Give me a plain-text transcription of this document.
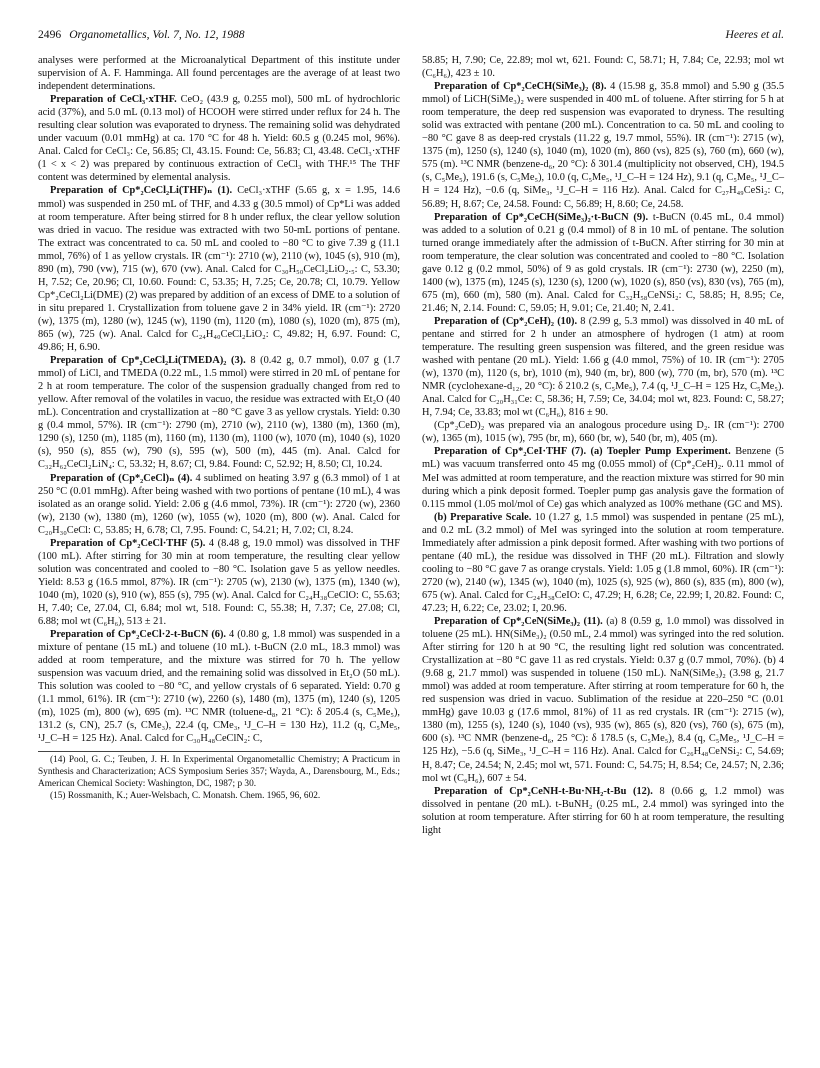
2496 Organometallics, Vol. 7, No. 12, 1988	Heeres et al.

analyses were performed at the Microanalytical Department of this institute under supervision of A. F. Hamminga. All found percentages are the average of at least two independent determinations.

Preparation of CeCl₃·xTHF. CeO₂ (43.9 g, 0.255 mol), 500 mL of hydrochloric acid (37%), and 5.0 mL (0.13 mol) of HCOOH were stirred under reflux for 24 h. The resulting clear solution was evaporated to dryness. The remaining solid was dehydrated under vacuum (0.01 mmHg) at ca. 170 °C for 48 h. Yield: 60.5 g (0.245 mol, 96%). Anal. Calcd for CeCl₃: Ce, 56.85; Cl, 43.15. Found: Ce, 56.83; Cl, 43.48. CeCl₃·xTHF (1 < x < 2) was prepared by continuous extraction of CeCl₃ with THF.¹⁵ The THF content was determined by elemental analysis.

Preparation of Cp*₂CeCl₂Li(THF)ₙ (1). CeCl₃·xTHF (5.65 g, x = 1.95, 14.6 mmol) was suspended in 250 mL of THF, and 4.33 g (30.5 mmol) of Cp*Li was added at room temperature. After being stirred for 8 h under reflux, the clear yellow solution was dried in vacuo. The residue was extracted with two 50-mL portions of pentane. The extract was concentrated to ca. 50 mL and cooled to −80 °C to give 7.39 g (11.1 mmol, 76%) of 1 as yellow crystals. IR (cm⁻¹): 2710 (w), 2110 (w), 1045 (s), 910 (m), 890 (m), 790 (vw), 715 (w), 670 (vw). Anal. Calcd for C₃₀H₅₀CeCl₂LiO₂.₅: C, 53.30; H, 7.52; Ce, 20.96; Cl, 10.60. Found: C, 53.35; H, 7.25; Ce, 20.78; Cl, 10.79. Yellow Cp*₂CeCl₂Li(DME) (2) was prepared by addition of an excess of DME to a solution of in situ prepared 1. Crystallization from toluene gave 2 in 34% yield. IR (cm⁻¹): 2720 (w), 1375 (m), 1280 (w), 1245 (w), 1190 (m), 1120 (m), 1080 (s), 1020 (m), 875 (m), 865 (w), 725 (w). Anal. Calcd for C₂₄H₄₀CeCl₂LiO₂: C, 49.82; H, 6.97. Found: C, 49.86; H, 6.90.

Preparation of Cp*₂CeCl₂Li(TMEDA)₂ (3). 8 (0.42 g, 0.7 mmol), 0.07 g (1.7 mmol) of LiCl, and TMEDA (0.22 mL, 1.5 mmol) were stirred in 20 mL of pentane for 2 h at room temperature. The color of the suspension gradually changed from red to yellow. After removal of the volatiles in vacuo, the residue was extracted with Et₂O (40 mL). Concentration and crystallization at −80 °C gave 3 as yellow crystals. Yield: 0.30 g (0.4 mmol, 57%). IR (cm⁻¹): 2790 (m), 2710 (w), 2110 (w), 1380 (m), 1360 (m), 1290 (s), 1250 (m), 1185 (m), 1160 (m), 1130 (m), 1100 (w), 1070 (m), 1040 (s), 1020 (s), 950 (s), 855 (w), 790 (s), 595 (w), 500 (m), 445 (m). Anal. Calcd for C₃₂H₆₂CeCl₂LiN₄: C, 53.32; H, 8.67; Cl, 9.84. Found: C, 52.92; H, 8.50; Cl, 10.24.

Preparation of (Cp*₂CeCl)ₙ (4). 4 sublimed on heating 3.97 g (6.3 mmol) of 1 at 250 °C (0.01 mmHg). After being washed with two portions of pentane (10 mL), 4 was isolated as an orange solid. Yield: 2.06 g (4.6 mmol, 73%). IR (cm⁻¹): 2720 (w), 2360 (w), 2130 (w), 1380 (m), 1260 (w), 1055 (w), 1020 (m), 800 (w). Anal. Calcd for C₂₀H₃₀CeCl: C, 53.85; H, 6.78; Cl, 7.95. Found: C, 54.21; H, 7.02; Cl, 8.24.

Preparation of Cp*₂CeCl·THF (5). 4 (8.48 g, 19.0 mmol) was dissolved in THF (100 mL). After stirring for 30 min at room temperature, the resulting clear yellow solution was concentrated and cooled to −80 °C. Isolation gave 5 as yellow needles. Yield: 8.53 g (16.5 mmol, 87%). IR (cm⁻¹): 2705 (w), 2130 (w), 1375 (m), 1340 (w), 1040 (m), 1020 (s), 910 (w), 855 (s), 795 (w). Anal. Calcd for C₂₄H₃₈CeClO: C, 55.63; H, 7.40; Ce, 27.04, Cl, 6.84; mol wt, 518. Found: C, 55.38; H, 7.37; Ce, 27.08; Cl, 6.88; mol wt (C₆H₆), 513 ± 21.

Preparation of Cp*₂CeCl·2-t-BuCN (6). 4 (0.80 g, 1.8 mmol) was suspended in a mixture of pentane (15 mL) and toluene (10 mL). t-BuCN (2.0 mL, 18.3 mmol) was added at room temperature, and the mixture was stirred for 70 h. The yellow suspension was vacuum dried, and the remaining solid was dissolved in Et₂O (50 mL). This solution was cooled to −80 °C, and yellow crystals of 6 separated. Yield: 0.70 g (1.1 mmol, 61%). IR (cm⁻¹): 2710 (w), 2260 (s), 1480 (m), 1375 (m), 1240 (s), 1205 (m), 1025 (m), 800 (w), 695 (m). ¹³C NMR (toluene-d₈, 21 °C): δ 205.4 (s, C₅Me₅), 131.2 (s, CN), 25.7 (s, CMe₃), 22.4 (q, CMe₃, ¹J_C–H = 130 Hz), 11.2 (q, C₅Me₅, ¹J_C–H = 125 Hz). Anal. Calcd for C₃₀H₄₈CeClN₂: C,

(14) Pool, G. C.; Teuben, J. H. In Experimental Organometallic Chemistry; A Practicum in Synthesis and Characterization; ACS Symposium Series 357; Wayda, A., Darensbourg, M., Eds.; American Chemical Society: Washington, DC, 1987; p 30.

(15) Rossmanith, K.; Auer-Welsbach, C. Monatsh. Chem. 1965, 96, 602.

58.85; H, 7.90; Ce, 22.89; mol wt, 621. Found: C, 58.71; H, 7.84; Ce, 22.93; mol wt (C₆H₆), 423 ± 10.

Preparation of Cp*₂CeCH(SiMe₃)₂ (8). 4 (15.98 g, 35.8 mmol) and 5.90 g (35.5 mmol) of LiCH(SiMe₃)₂ were suspended in 400 mL of toluene. After stirring for 5 h at room temperature, the deep red suspension was evaporated to dryness. The resulting solid was extracted with pentane (200 mL). Concentration to ca. 50 mL and cooling to −80 °C gave 8 as deep-red crystals (11.22 g, 19.7 mmol, 55%). IR (cm⁻¹): 2715 (w), 1375 (m), 1250 (s), 1240 (s), 1040 (m), 1020 (m), 860 (vs), 825 (s), 760 (m), 660 (w), 575 (m). ¹³C NMR (benzene-d₆, 20 °C): δ 301.4 (multiplicity not observed, CH), 194.5 (s, C₅Me₅), 191.6 (s, C₅Me₅), 10.0 (q, C₅Me₅, ¹J_C–H = 124 Hz), 9.1 (q, C₅Me₅, ¹J_C–H = 124 Hz), −0.6 (q, SiMe₃, ¹J_C–H = 116 Hz). Anal. Calcd for C₂₇H₄₉CeSi₂: C, 56.89; H, 8.67; Ce, 24.58. Found: C, 56.89; H, 8.60; Ce, 24.58.

Preparation of Cp*₂CeCH(SiMe₃)₂·t-BuCN (9). t-BuCN (0.45 mL, 0.4 mmol) was added to a solution of 0.21 g (0.4 mmol) of 8 in 10 mL of pentane. The solution turned orange immediately after the admission of t-BuCN. After stirring for 30 min at room temperature, the clear solution was concentrated and cooled to −80 °C. Isolation gave 0.12 g (0.2 mmol, 50%) of 9 as gold crystals. IR (cm⁻¹): 2730 (w), 2250 (m), 1400 (w), 1375 (m), 1245 (s), 1230 (s), 1200 (w), 1020 (s), 850 (vs), 830 (vs), 765 (m), 675 (m), 660 (m), 580 (m). Anal. Calcd for C₃₂H₅₈CeNSi₂: C, 58.85; H, 8.95; Ce, 21.46; N, 2.14. Found: C, 59.05; H, 9.01; Ce, 21.40; N, 2.41.

Preparation of (Cp*₂CeH)₂ (10). 8 (2.99 g, 5.3 mmol) was dissolved in 40 mL of pentane and stirred for 2 h under an atmosphere of hydrogen (1 atm) at room temperature. The resulting green suspension was filtered, and the green residue was washed with pentane (20 mL). Yield: 1.66 g (4.0 mmol, 75%) of 10. IR (cm⁻¹): 2705 (w), 1370 (m), 1120 (s, br), 1010 (m), 940 (m, br), 800 (w), 770 (m, br), 570 (m). ¹³C NMR (cyclohexane-d₁₂, 20 °C): δ 210.2 (s, C₅Me₅), 7.4 (q, ¹J_C–H = 125 Hz, C₅Me₅). Anal. Calcd for C₂₀H₃₁Ce: C, 58.36; H, 7.59; Ce, 34.04; mol wt, 823. Found: C, 58.27; H, 7.94; Ce, 33.83; mol wt (C₆H₆), 816 ± 90.

(Cp*₂CeD)₂ was prepared via an analogous procedure using D₂. IR (cm⁻¹): 2700 (w), 1365 (m), 1015 (w), 795 (br, m), 660 (br, w), 540 (br, m), 405 (m).

Preparation of Cp*₂CeI·THF (7). (a) Toepler Pump Experiment. Benzene (5 mL) was vacuum transferred onto 45 mg (0.055 mmol) of (Cp*₂CeH)₂. 0.11 mmol of MeI was admitted at room temperature, and the reaction mixture was stirred for 90 min during which a pink deposit formed. Toepler pump gas analysis gave the formation of 0.115 mmol (1.05 mol/mol of Ce) gas which analyzed as 100% methane (GC and MS).

(b) Preparative Scale. 10 (1.27 g, 1.5 mmol) was suspended in pentane (25 mL), and 0.2 mL (3.2 mmol) of MeI was syringed into the solution at room temperature. Immediately after admission a pink deposit formed. After washing with two portions of pentane (40 mL), the residue was dissolved in THF (20 mL). Filtration and slowly cooling to −80 °C gave 7 as orange crystals. Yield: 1.05 g (1.8 mmol, 60%). IR (cm⁻¹): 2720 (w), 2140 (w), 1345 (w), 1040 (m), 1025 (s), 925 (w), 860 (s), 835 (m), 800 (w), 675 (w). Anal. Calcd for C₂₄H₃₈CeIO: C, 47.29; H, 6.28; Ce, 22.99; I, 20.82. Found: C, 47.23; H, 6.22; Ce, 23.02; I, 20.96.

Preparation of Cp*₂CeN(SiMe₃)₂ (11). (a) 8 (0.59 g, 1.0 mmol) was dissolved in toluene (25 mL). HN(SiMe₃)₂ (0.50 mL, 2.4 mmol) was syringed into the red solution. After stirring for 120 h at 90 °C, the resulting light red solution was concentrated. Crystallization at −80 °C gave 11 as red crystals. Yield: 0.37 g (0.7 mmol, 70%). (b) 4 (9.68 g, 21.7 mmol) was suspended in toluene (150 mL). NaN(SiMe₃)₂ (3.98 g, 21.7 mmol) was added at room temperature. After stirring at room temperature for 60 h, the red suspension was dried in vacuo. Sublimation of the residue at 220–250 °C (0.01 mmHg) gave 10.03 g (17.6 mmol, 81%) of 11 as red crystals. IR (cm⁻¹): 2715 (w), 1380 (m), 1255 (s), 1240 (s), 1040 (vs), 935 (w), 865 (s), 820 (vs), 760 (s), 675 (m), 600 (s). ¹³C NMR (benzene-d₆, 25 °C): δ 178.5 (s, C₅Me₅), 8.4 (q, C₅Me₅, ¹J_C–H = 125 Hz), −5.6 (q, SiMe₃, ¹J_C–H = 116 Hz). Anal. Calcd for C₂₆H₄₈CeNSi₂: C, 54.69; H, 8.47; Ce, 24.54; N, 2.45; mol wt, 571. Found: C, 54.75; H, 8.54; Ce, 24.57; N, 2.36; mol wt (C₆H₆), 607 ± 54.

Preparation of Cp*₂CeNH-t-Bu·NH₂-t-Bu (12). 8 (0.66 g, 1.2 mmol) was dissolved in pentane (20 mL). t-BuNH₂ (0.25 mL, 2.4 mmol) was syringed into the solution at room temperature. After stirring for 60 h at room temperature, the resulting light
